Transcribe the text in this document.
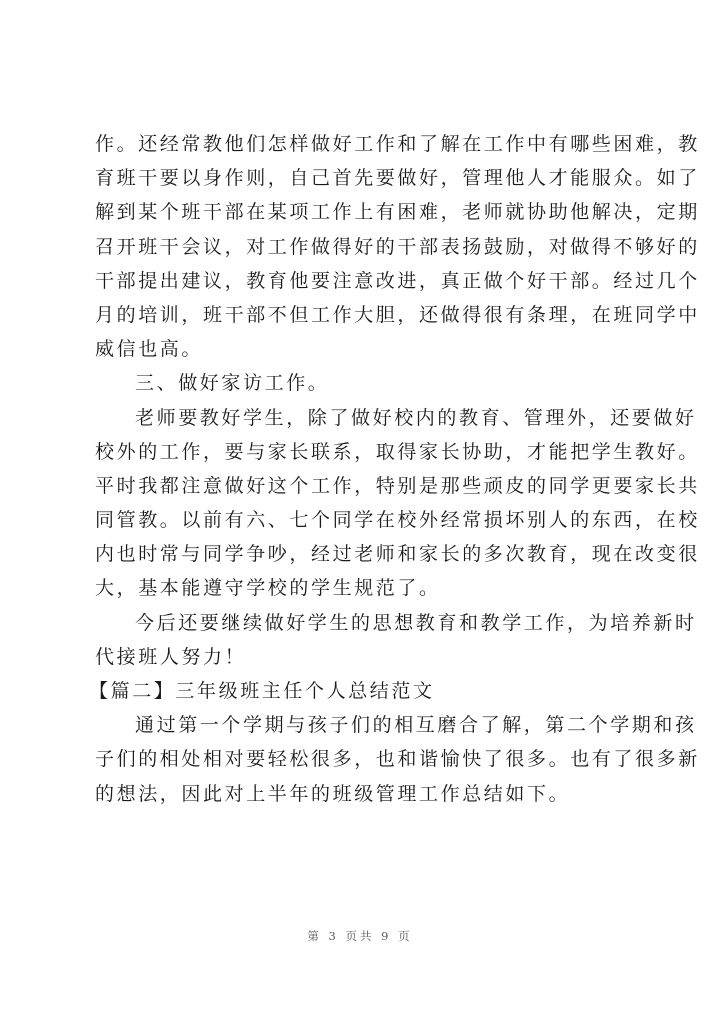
作。还经常教他们怎样做好工作和了解在工作中有哪些困难，教
育班干要以身作则，自己首先要做好，管理他人才能服众。如了
解到某个班干部在某项工作上有困难，老师就协助他解决，定期
召开班干会议，对工作做得好的干部表扬鼓励，对做得不够好的
干部提出建议，教育他要注意改进，真正做个好干部。经过几个
月的培训，班干部不但工作大胆，还做得很有条理，在班同学中
威信也高。
三、做好家访工作。
老师要教好学生，除了做好校内的教育、管理外，还要做好
校外的工作，要与家长联系，取得家长协助，才能把学生教好。
平时我都注意做好这个工作，特别是那些顽皮的同学更要家长共
同管教。以前有六、七个同学在校外经常损坏别人的东西，在校
内也时常与同学争吵，经过老师和家长的多次教育，现在改变很
大，基本能遵守学校的学生规范了。
今后还要继续做好学生的思想教育和教学工作，为培养新时
代接班人努力！
【篇二】三年级班主任个人总结范文
通过第一个学期与孩子们的相互磨合了解，第二个学期和孩
子们的相处相对要轻松很多，也和谐愉快了很多。也有了很多新
的想法，因此对上半年的班级管理工作总结如下。
第 3 页共 9 页
